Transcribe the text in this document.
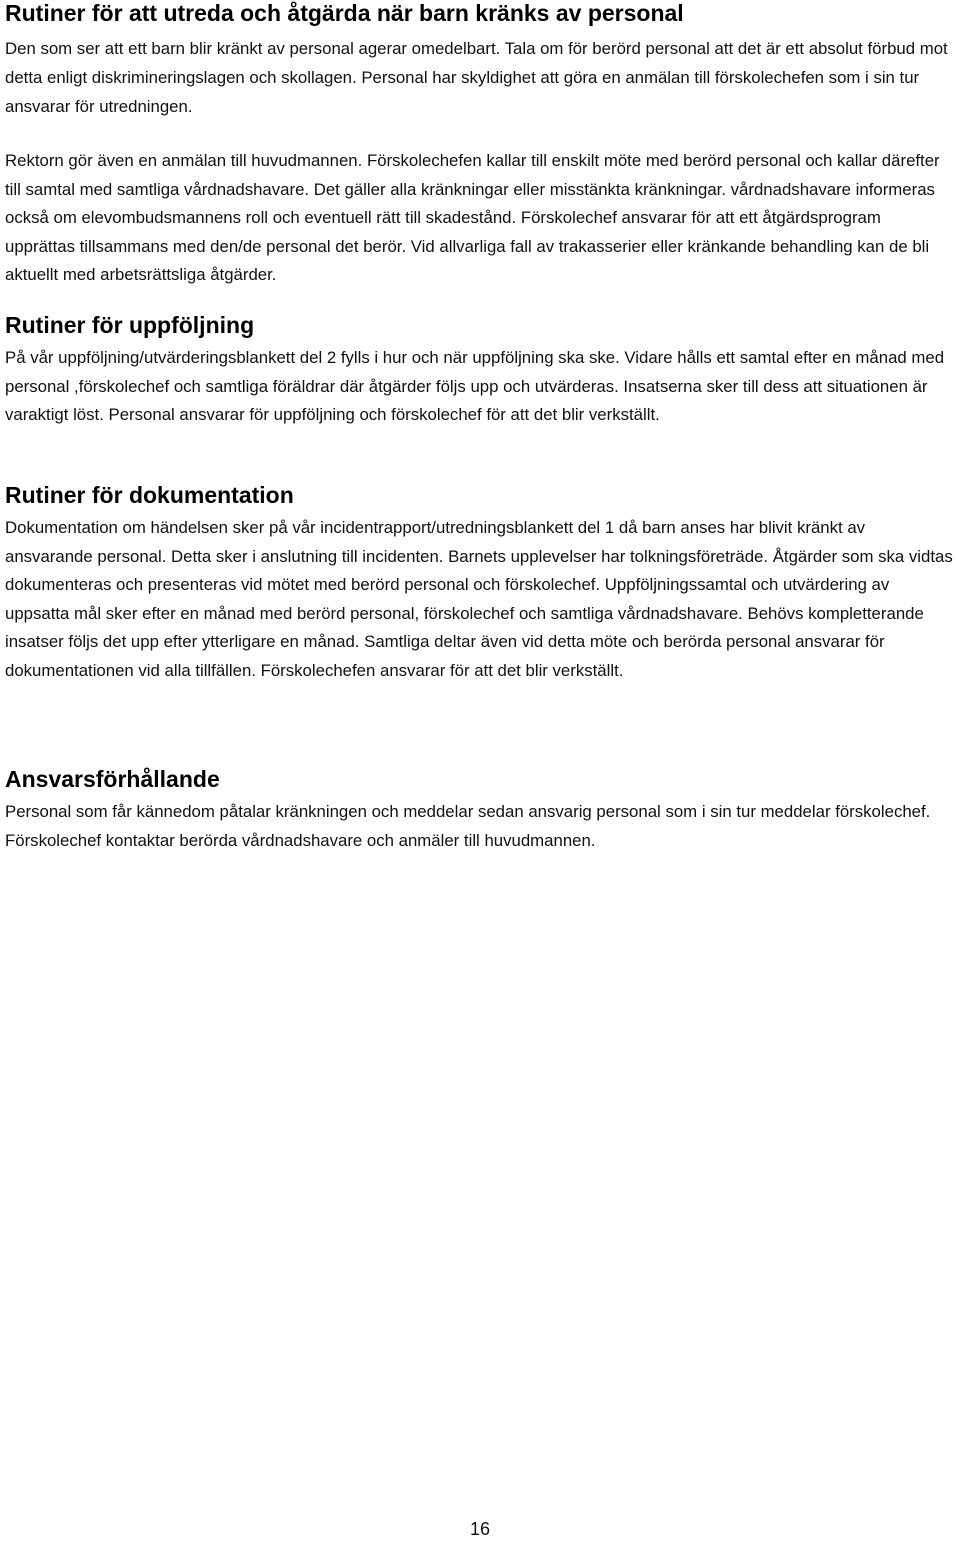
Rutiner för att utreda och åtgärda när barn kränks av personal

Den som ser att ett barn blir kränkt av personal agerar omedelbart. Tala om för berörd personal att det är ett absolut förbud mot detta enligt diskrimineringslagen och skollagen. Personal har skyldighet att göra en anmälan till förskolechefen som i sin tur ansvarar för utredningen.

Rektorn gör även en anmälan till huvudmannen. Förskolechefen kallar till enskilt möte med berörd personal och kallar därefter till samtal med samtliga vårdnadshavare. Det gäller alla kränkningar eller misstänkta kränkningar. vårdnadshavare informeras också om elevombudsmannens roll och eventuell rätt till skadestånd. Förskolechef ansvarar för att ett åtgärdsprogram upprättas tillsammans med den/de personal det berör. Vid allvarliga fall av trakasserier eller kränkande behandling kan de bli aktuellt med arbetsrättsliga åtgärder.

Rutiner för uppföljning

På vår uppföljning/utvärderingsblankett del 2 fylls i hur och när uppföljning ska ske. Vidare hålls ett samtal efter en månad med personal ,förskolechef och samtliga föräldrar där åtgärder följs upp och utvärderas. Insatserna sker till dess att situationen är varaktigt löst. Personal ansvarar för uppföljning och förskolechef för att det blir verkställt.

Rutiner för dokumentation

Dokumentation om händelsen sker på vår incidentrapport/utredningsblankett del 1 då barn anses har blivit kränkt av ansvarande personal. Detta sker i anslutning till incidenten. Barnets upplevelser har tolkningsföreträde. Åtgärder som ska vidtas dokumenteras och presenteras vid mötet med berörd personal och förskolechef. Uppföljningssamtal och utvärdering av uppsatta mål sker efter en månad med berörd personal, förskolechef och samtliga vårdnadshavare. Behövs kompletterande insatser följs det upp efter ytterligare en månad. Samtliga deltar även vid detta möte och berörda personal ansvarar för dokumentationen vid alla tillfällen. Förskolechefen ansvarar för att det blir verkställt.

Ansvarsförhållande

Personal som får kännedom påtalar kränkningen och meddelar sedan ansvarig personal som i sin tur meddelar förskolechef. Förskolechef kontaktar berörda vårdnadshavare och anmäler till huvudmannen.

16
